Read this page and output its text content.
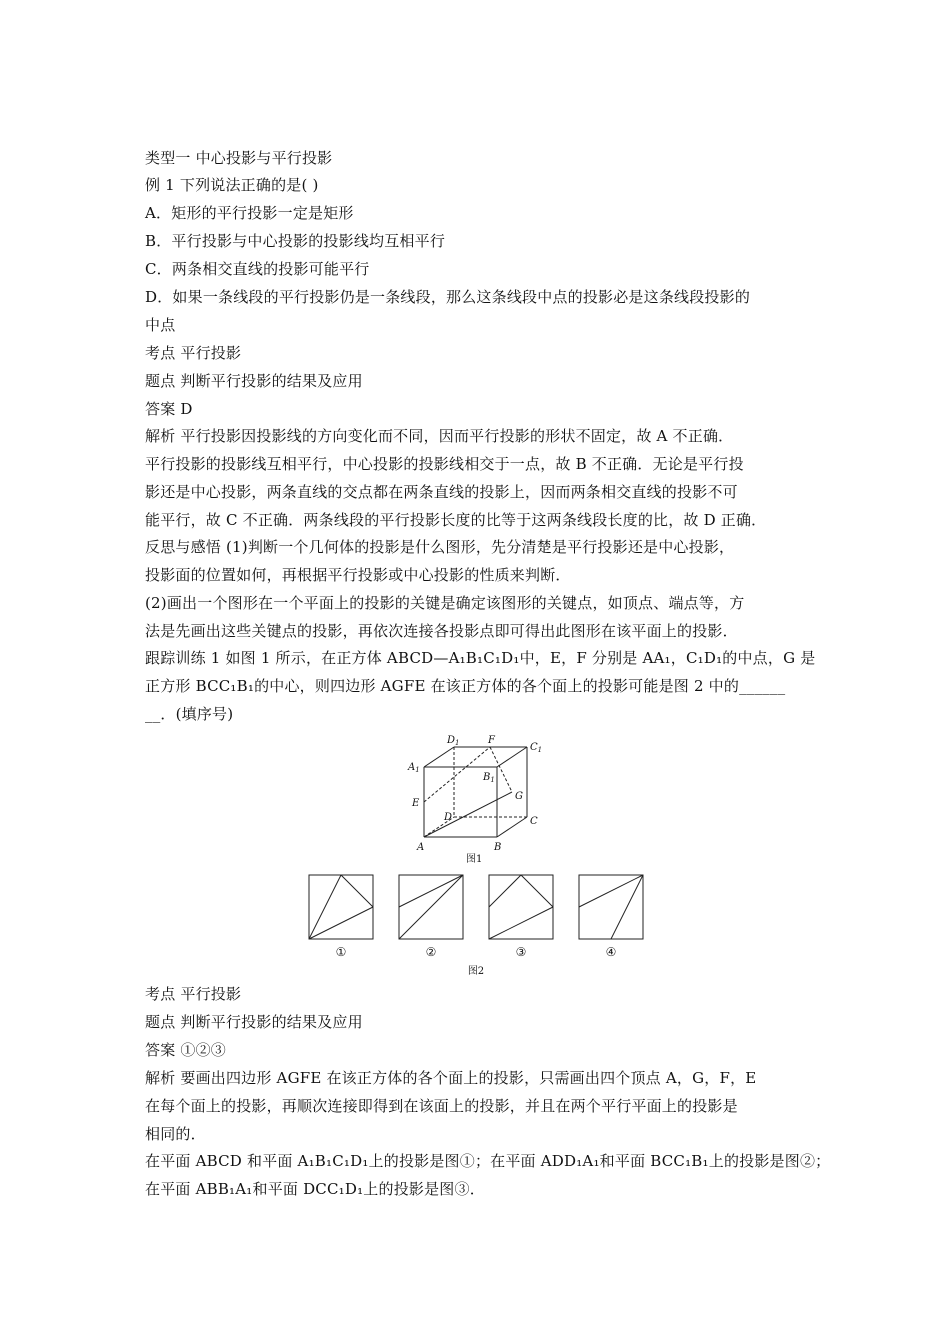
类型一 中心投影与平行投影
例 1 下列说法正确的是( )
A．矩形的平行投影一定是矩形
B．平行投影与中心投影的投影线均互相平行
C．两条相交直线的投影可能平行
D．如果一条线段的平行投影仍是一条线段，那么这条线段中点的投影必是这条线段投影的
中点
考点 平行投影
题点 判断平行投影的结果及应用
答案 D
解析 平行投影因投影线的方向变化而不同，因而平行投影的形状不固定，故 A 不正确．
平行投影的投影线互相平行，中心投影的投影线相交于一点，故 B 不正确．无论是平行投
影还是中心投影，两条直线的交点都在两条直线的投影上，因而两条相交直线的投影不可
能平行，故 C 不正确．两条线段的平行投影长度的比等于这两条线段长度的比，故 D 正确．
反思与感悟 (1)判断一个几何体的投影是什么图形，先分清楚是平行投影还是中心投影，
投影面的位置如何，再根据平行投影或中心投影的性质来判断．
(2)画出一个图形在一个平面上的投影的关键是确定该图形的关键点，如顶点、端点等，方
法是先画出这些关键点的投影，再依次连接各投影点即可得出此图形在该平面上的投影．
跟踪训练 1 如图 1 所示，在正方体 ABCD—A₁B₁C₁D₁中，E，F 分别是 AA₁，C₁D₁的中点，G 是
正方形 BCC₁B₁的中心，则四边形 AGFE 在该正方体的各个面上的投影可能是图 2 中的______
__．(填序号)
$D_1$	F
$C_1$
$A_1$
$B_1$
G
E
D	C
A	B
图1
①	②	③	④
图2
考点 平行投影
题点 判断平行投影的结果及应用
答案 ①②③
解析 要画出四边形 AGFE 在该正方体的各个面上的投影，只需画出四个顶点 A，G，F，E
在每个面上的投影，再顺次连接即得到在该面上的投影，并且在两个平行平面上的投影是
相同的．
在平面 ABCD 和平面 A₁B₁C₁D₁上的投影是图①；在平面 ADD₁A₁和平面 BCC₁B₁上的投影是图②；
在平面 ABB₁A₁和平面 DCC₁D₁上的投影是图③．
